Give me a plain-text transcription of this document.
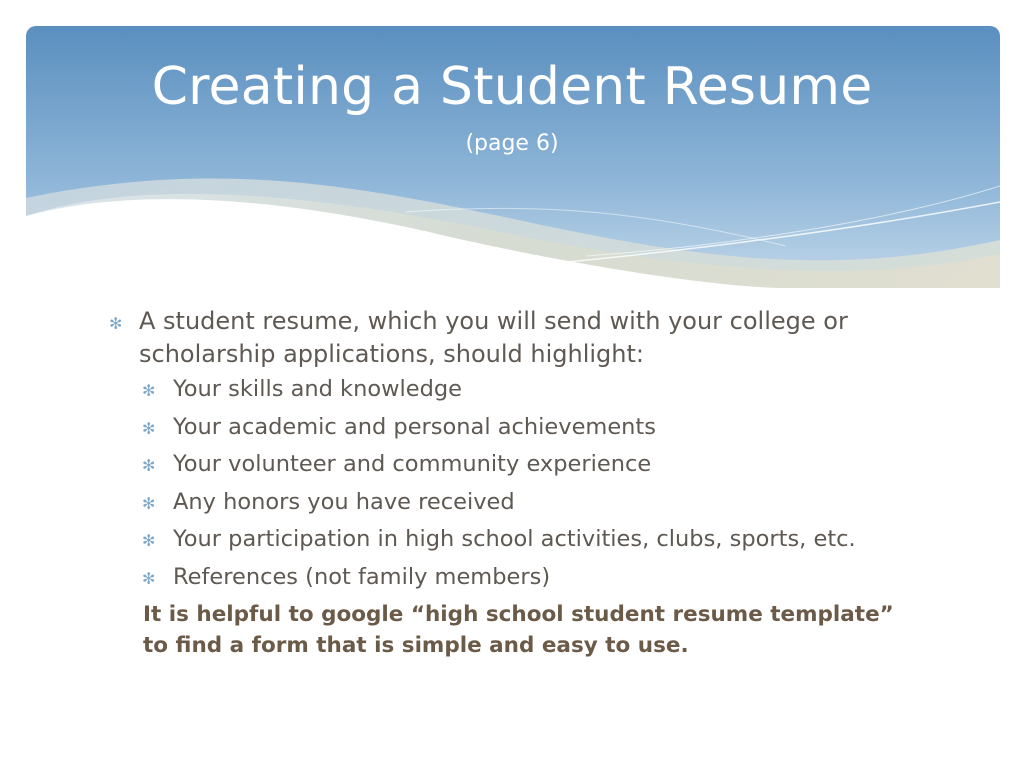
Creating a Student Resume
(page 6)
✻ A student resume, which you will send with your college or scholarship applications, should highlight:
✻ Your skills and knowledge
✻ Your academic and personal achievements
✻ Your volunteer and community experience
✻ Any honors you have received
✻ Your participation in high school activities, clubs, sports, etc.
✻ References (not family members)
It is helpful to google “high school student resume template” to find a form that is simple and easy to use.
